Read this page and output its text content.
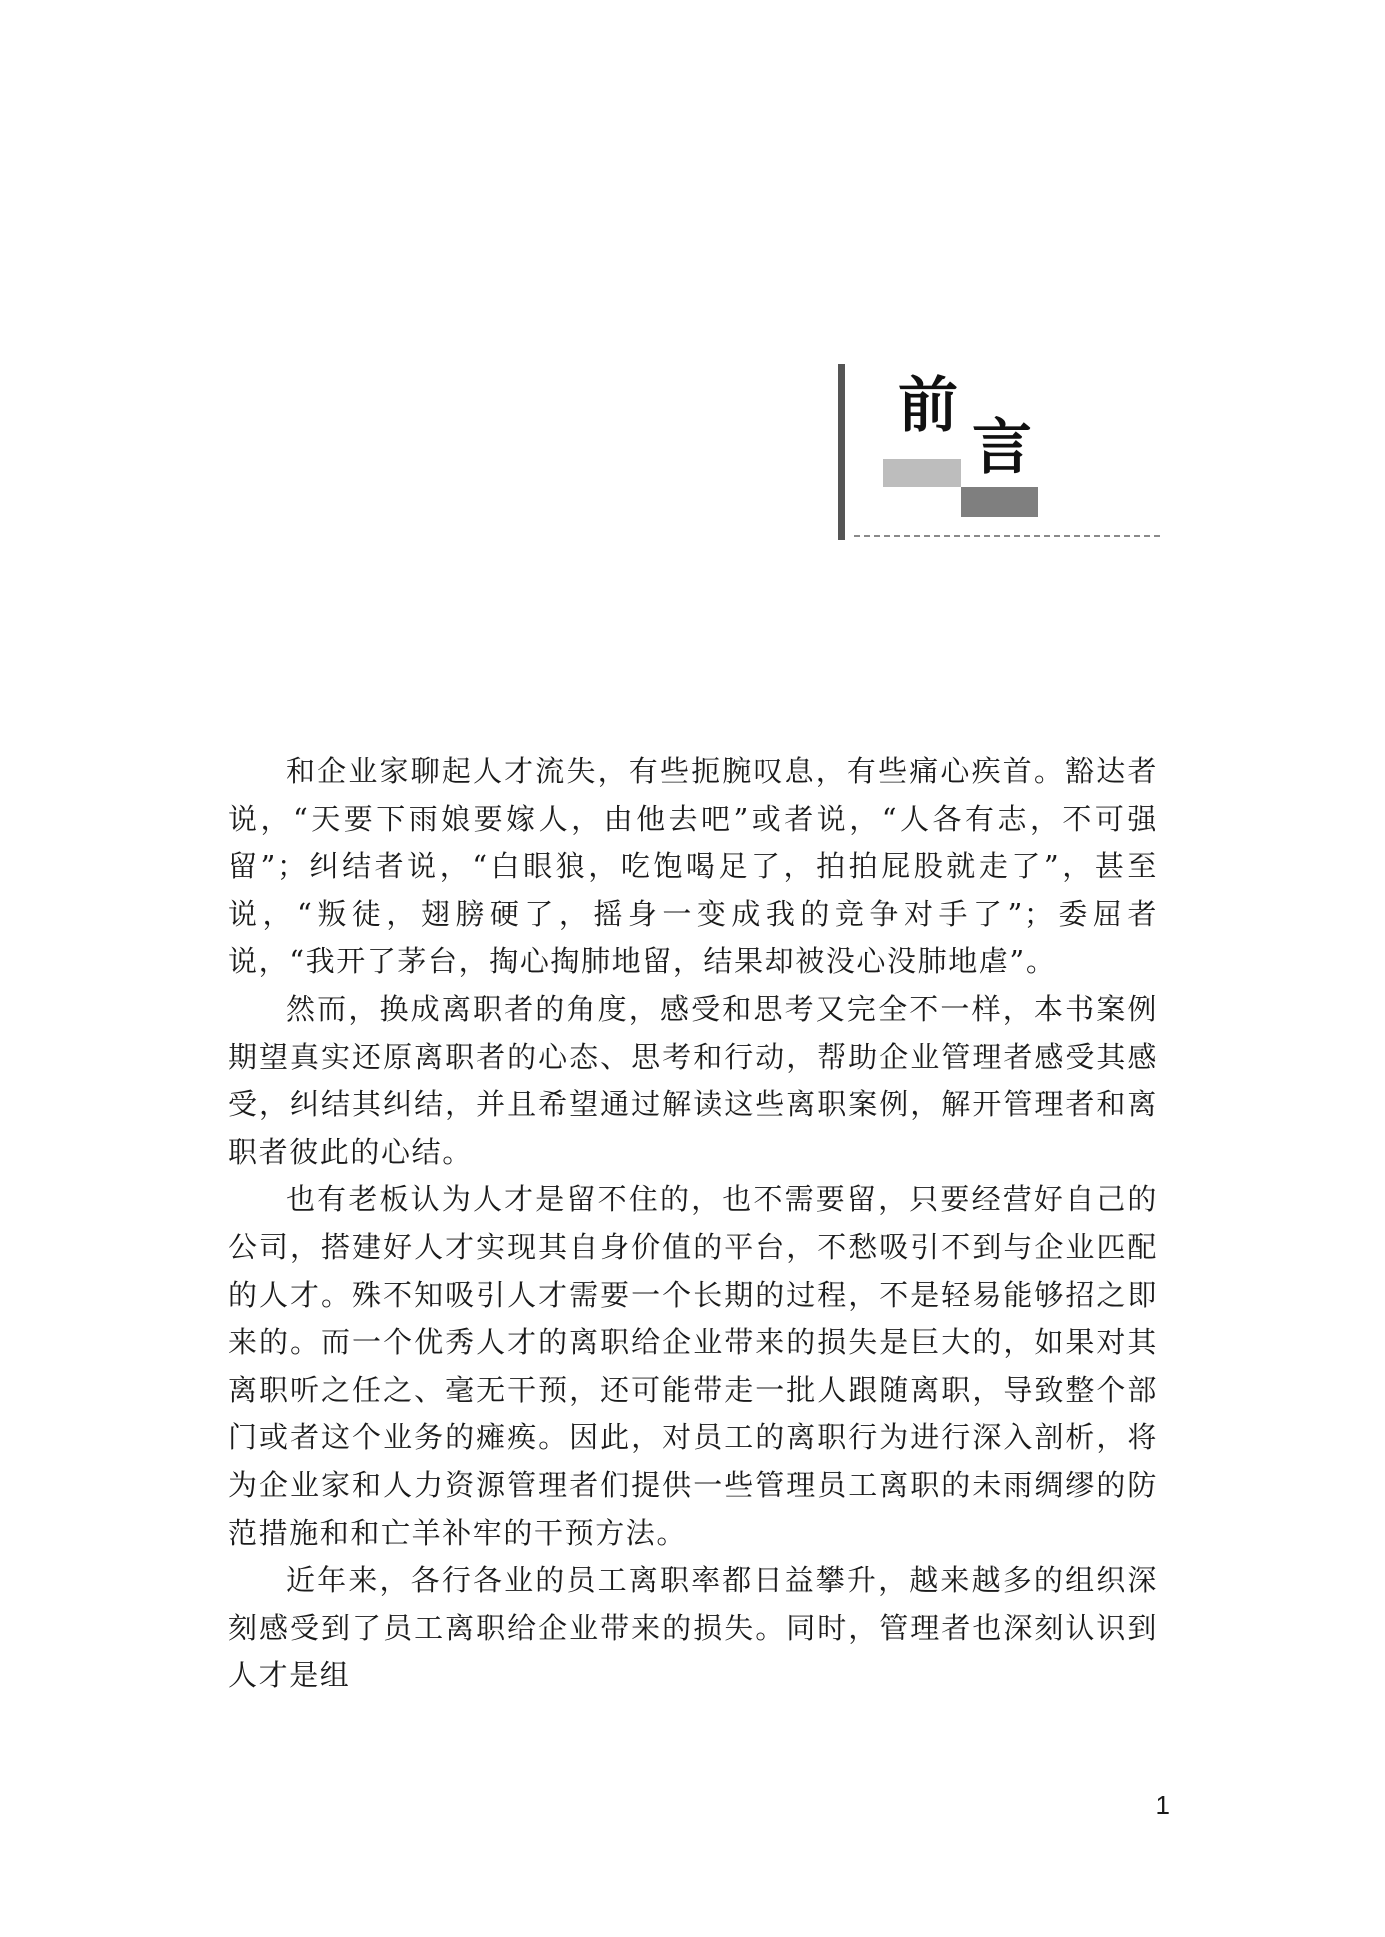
前
言

和企业家聊起人才流失，有些扼腕叹息，有些痛心疾首。豁达者说，“天要下雨娘要嫁人，由他去吧”或者说，“人各有志，不可强留”；纠结者说，“白眼狼，吃饱喝足了，拍拍屁股就走了”，甚至说，“叛徒，翅膀硬了，摇身一变成我的竞争对手了”；委屈者说，“我开了茅台，掏心掏肺地留，结果却被没心没肺地虐”。

然而，换成离职者的角度，感受和思考又完全不一样，本书案例期望真实还原离职者的心态、思考和行动，帮助企业管理者感受其感受，纠结其纠结，并且希望通过解读这些离职案例，解开管理者和离职者彼此的心结。

也有老板认为人才是留不住的，也不需要留，只要经营好自己的公司，搭建好人才实现其自身价值的平台，不愁吸引不到与企业匹配的人才。殊不知吸引人才需要一个长期的过程，不是轻易能够招之即来的。而一个优秀人才的离职给企业带来的损失是巨大的，如果对其离职听之任之、毫无干预，还可能带走一批人跟随离职，导致整个部门或者这个业务的瘫痪。因此，对员工的离职行为进行深入剖析，将为企业家和人力资源管理者们提供一些管理员工离职的未雨绸缪的防范措施和和亡羊补牢的干预方法。

近年来，各行各业的员工离职率都日益攀升，越来越多的组织深刻感受到了员工离职给企业带来的损失。同时，管理者也深刻认识到人才是组

1
